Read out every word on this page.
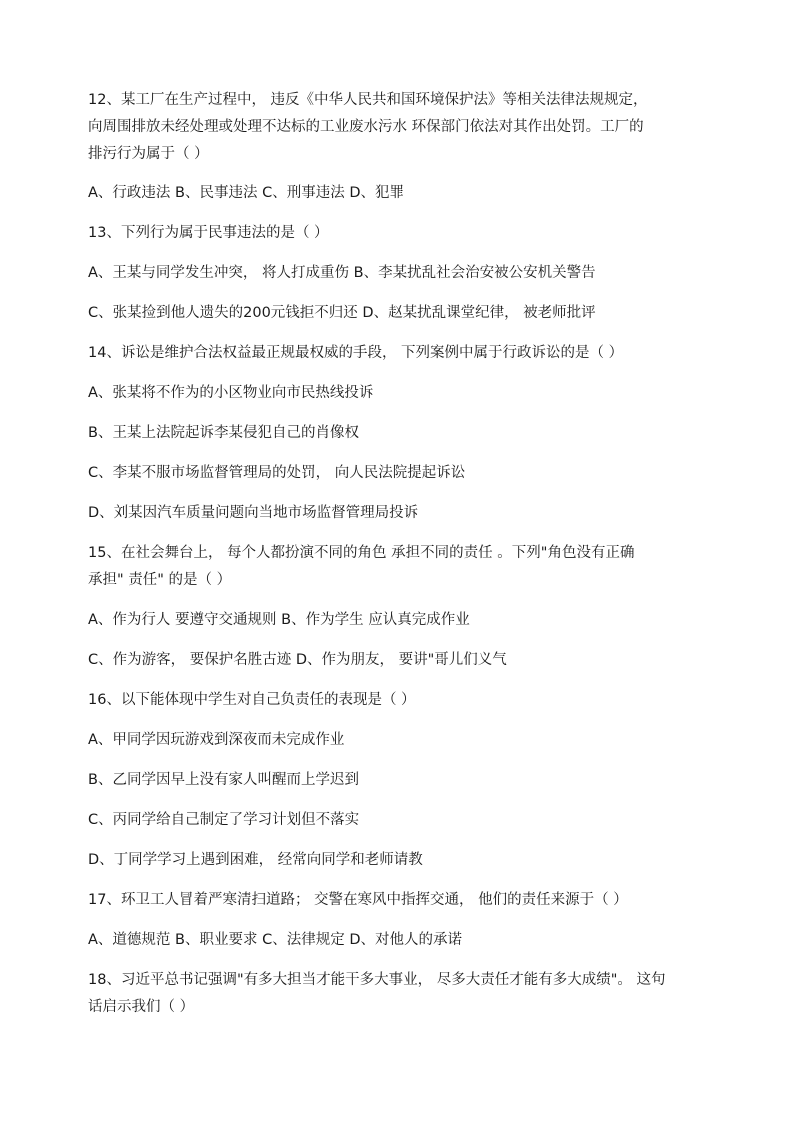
12、某工厂在生产过程中， 违反《中华人民共和国环境保护法》等相关法律法规规定，
向周围排放未经处理或处理不达标的工业废水污水 环保部门依法对其作出处罚。工厂的
排污行为属于（ ）
A、行政违法 B、民事违法 C、刑事违法 D、犯罪
13、下列行为属于民事违法的是（ ）
A、王某与同学发生冲突， 将人打成重伤 B、李某扰乱社会治安被公安机关警告
C、张某捡到他人遗失的200元钱拒不归还 D、赵某扰乱课堂纪律， 被老师批评
14、诉讼是维护合法权益最正规最权威的手段， 下列案例中属于行政诉讼的是（ ）
A、张某将不作为的小区物业向市民热线投诉
B、王某上法院起诉李某侵犯自己的肖像权
C、李某不服市场监督管理局的处罚， 向人民法院提起诉讼
D、刘某因汽车质量问题向当地市场监督管理局投诉
15、在社会舞台上， 每个人都扮演不同的角色 承担不同的责任 。下列"角色没有正确
承担" 责任" 的是（ ）
A、作为行人 要遵守交通规则 B、作为学生 应认真完成作业
C、作为游客， 要保护名胜古迹 D、作为朋友， 要讲"哥儿们义气
16、以下能体现中学生对自己负责任的表现是（ ）
A、甲同学因玩游戏到深夜而未完成作业
B、乙同学因早上没有家人叫醒而上学迟到
C、丙同学给自己制定了学习计划但不落实
D、丁同学学习上遇到困难， 经常向同学和老师请教
17、环卫工人冒着严寒清扫道路； 交警在寒风中指挥交通， 他们的责任来源于（ ）
A、道德规范 B、职业要求 C、法律规定 D、对他人的承诺
18、习近平总书记强调"有多大担当才能干多大事业， 尽多大责任才能有多大成绩"。 这句
话启示我们（ ）
